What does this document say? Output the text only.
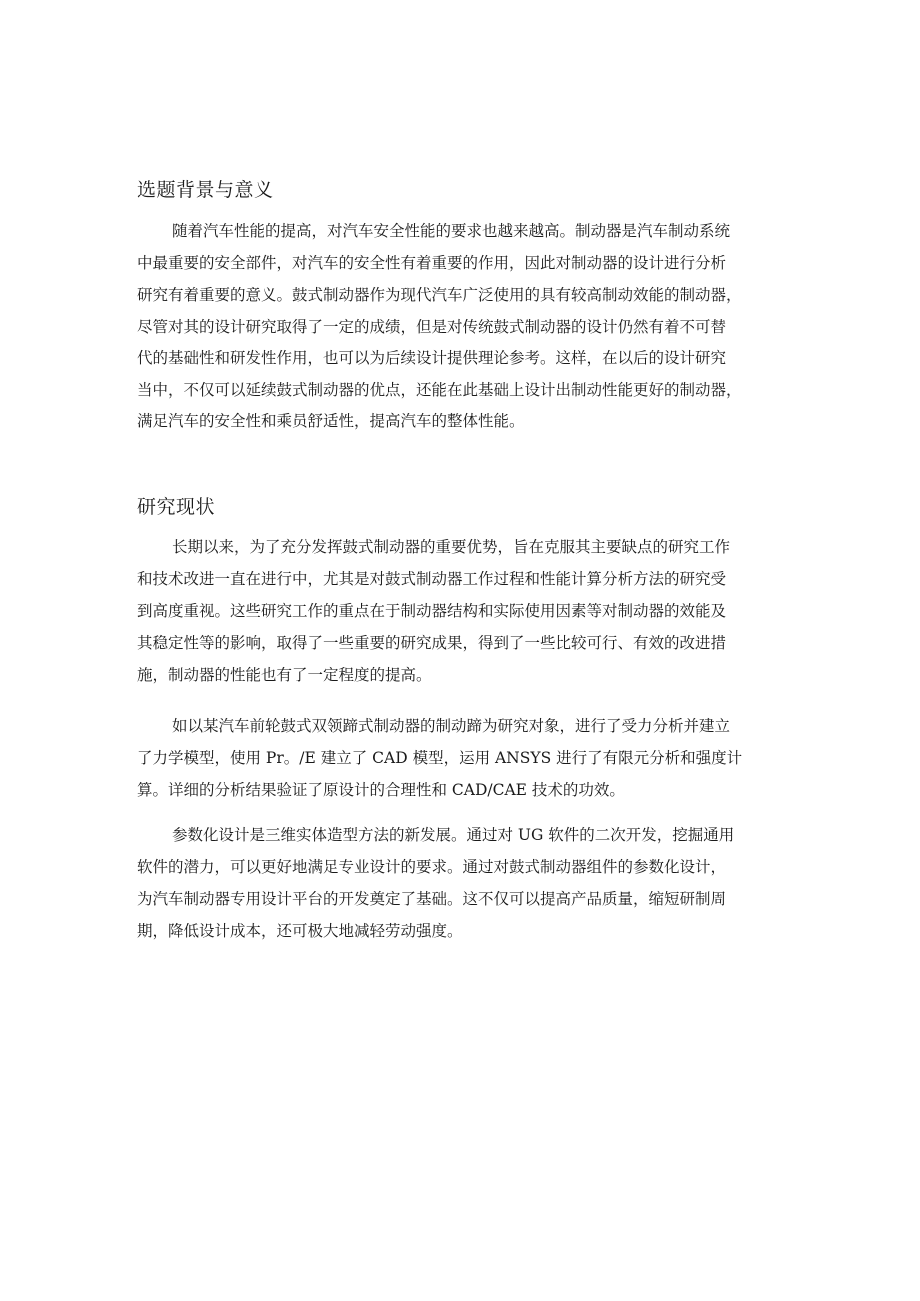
选题背景与意义

随着汽车性能的提高，对汽车安全性能的要求也越来越高。制动器是汽车制动系统

中最重要的安全部件，对汽车的安全性有着重要的作用，因此对制动器的设计进行分析

研究有着重要的意义。鼓式制动器作为现代汽车广泛使用的具有较高制动效能的制动器，

尽管对其的设计研究取得了一定的成绩，但是对传统鼓式制动器的设计仍然有着不可替

代的基础性和研发性作用，也可以为后续设计提供理论参考。这样，在以后的设计研究

当中，不仅可以延续鼓式制动器的优点，还能在此基础上设计出制动性能更好的制动器，

满足汽车的安全性和乘员舒适性，提高汽车的整体性能。

研究现状

长期以来，为了充分发挥鼓式制动器的重要优势，旨在克服其主要缺点的研究工作

和技术改进一直在进行中，尤其是对鼓式制动器工作过程和性能计算分析方法的研究受

到高度重视。这些研究工作的重点在于制动器结构和实际使用因素等对制动器的效能及

其稳定性等的影响，取得了一些重要的研究成果，得到了一些比较可行、有效的改进措

施，制动器的性能也有了一定程度的提高。

如以某汽车前轮鼓式双领蹄式制动器的制动蹄为研究对象，进行了受力分析并建立

了力学模型，使用 Pr。/E 建立了 CAD 模型，运用 ANSYS 进行了有限元分析和强度计

算。详细的分析结果验证了原设计的合理性和 CAD/CAE 技术的功效。

参数化设计是三维实体造型方法的新发展。通过对 UG 软件的二次开发，挖掘通用

软件的潜力，可以更好地满足专业设计的要求。通过对鼓式制动器组件的参数化设计，

为汽车制动器专用设计平台的开发奠定了基础。这不仅可以提高产品质量，缩短研制周

期，降低设计成本，还可极大地减轻劳动强度。
